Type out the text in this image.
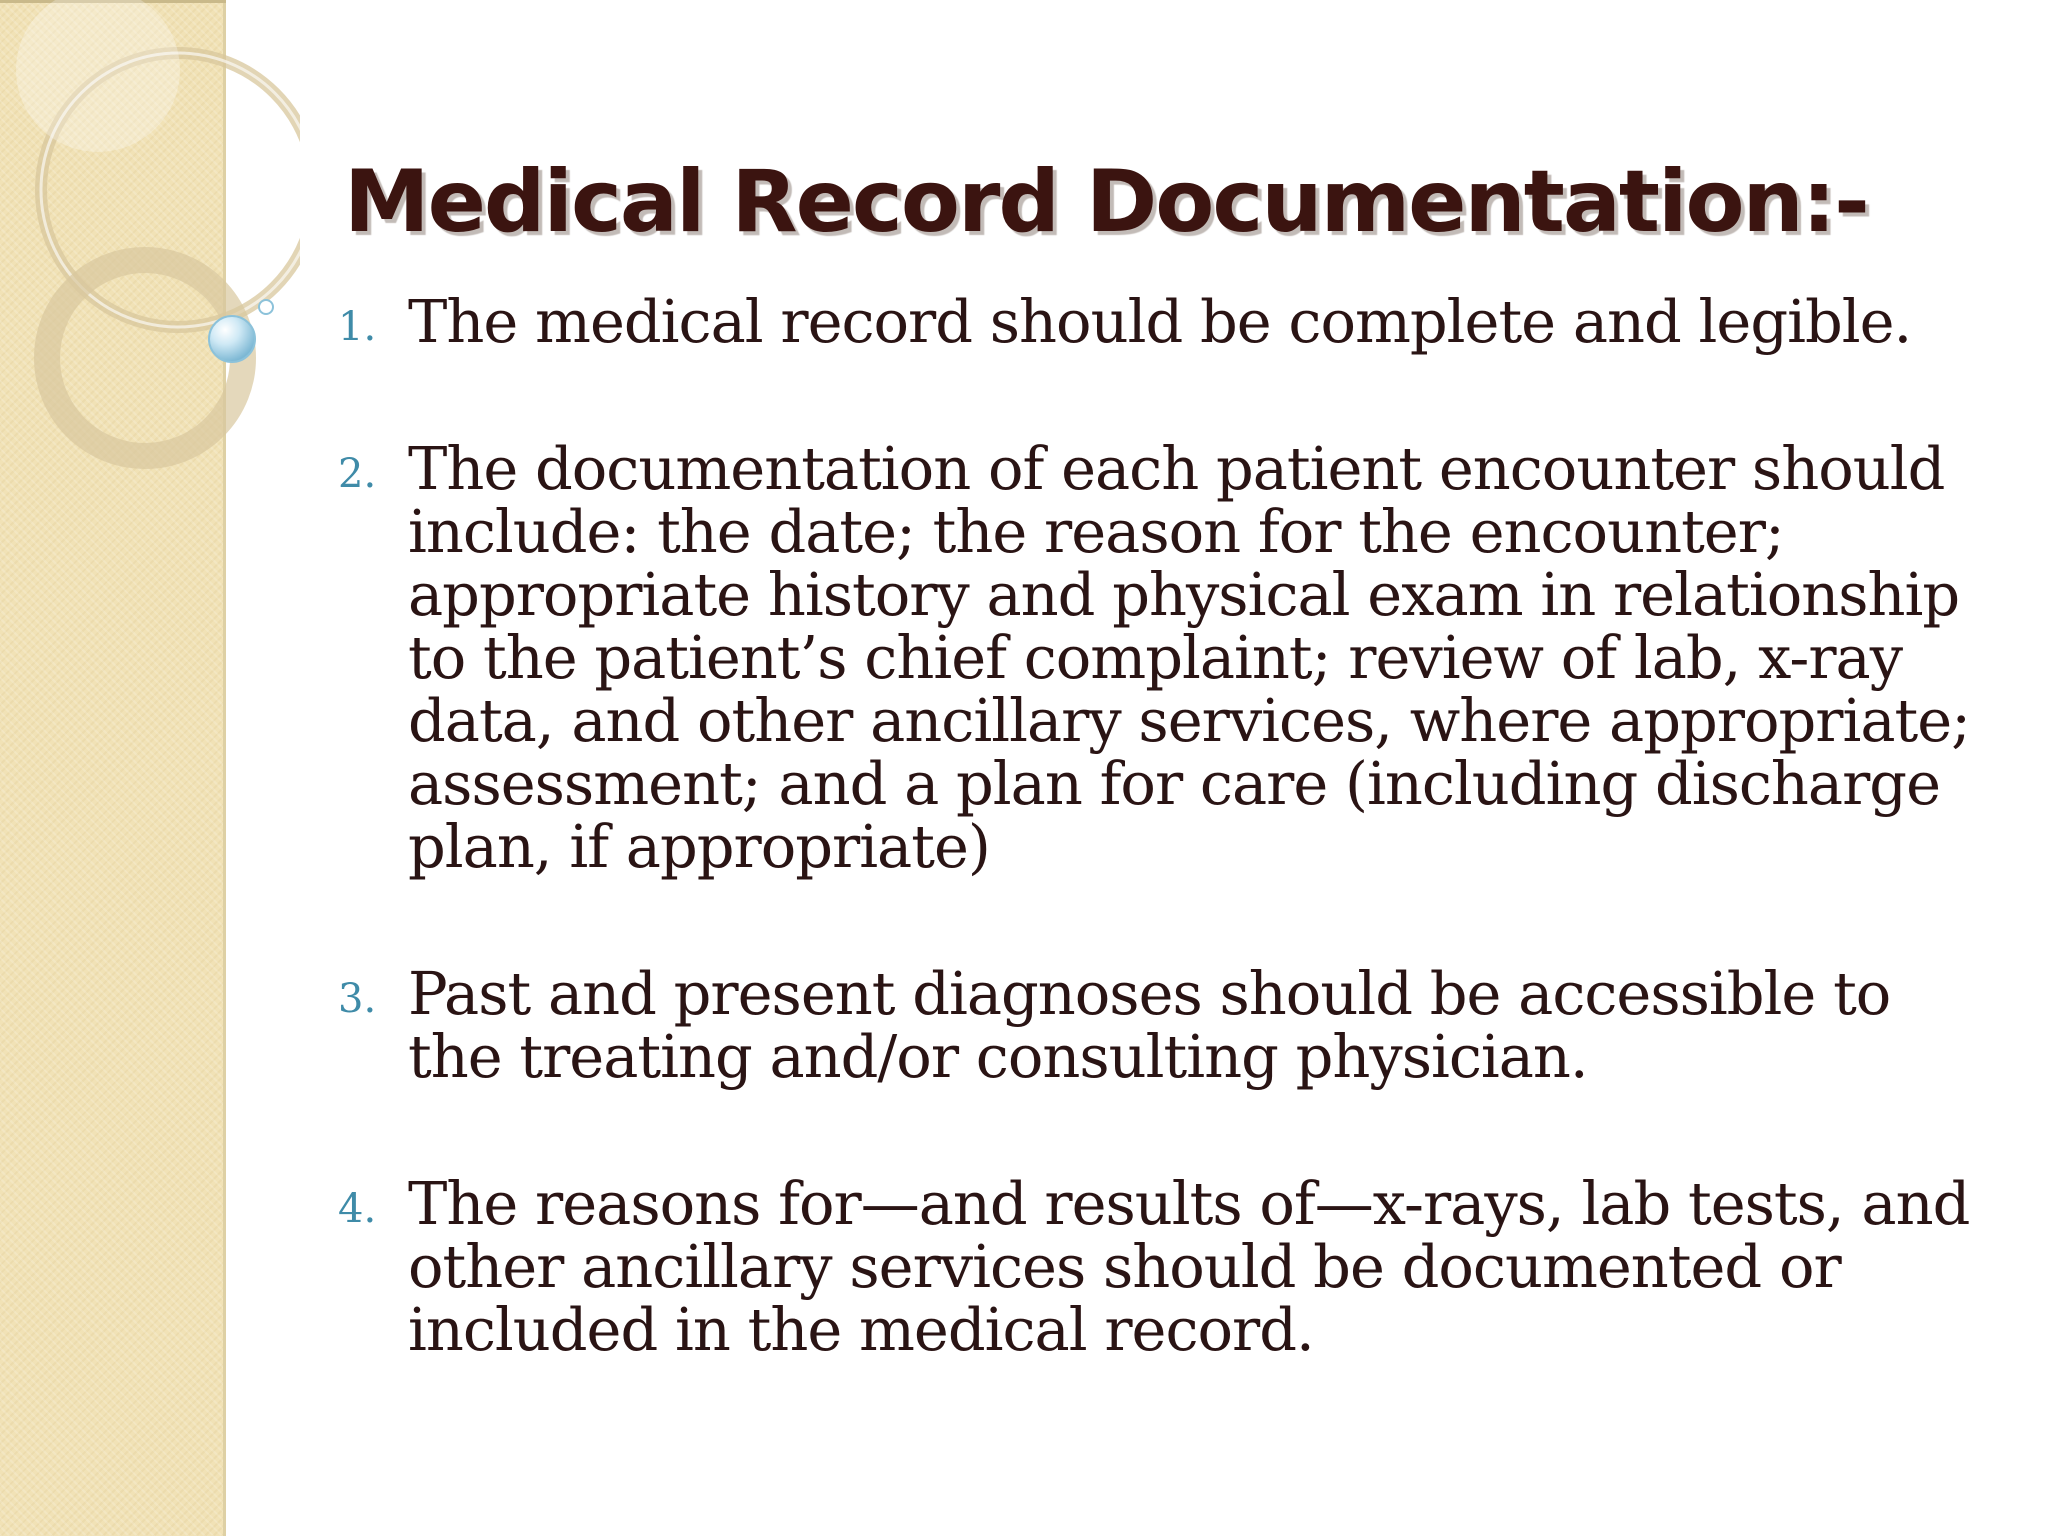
Medical Record Documentation:-
1. The medical record should be complete and legible.
2. The documentation of each patient encounter should include: the date; the reason for the encounter; appropriate history and physical exam in relationship to the patient’s chief complaint; review of lab, x-ray data, and other ancillary services, where appropriate; assessment; and a plan for care (including discharge plan, if appropriate)
3. Past and present diagnoses should be accessible to the treating and/or consulting physician.
4. The reasons for—and results of—x-rays, lab tests, and other ancillary services should be documented or included in the medical record.
